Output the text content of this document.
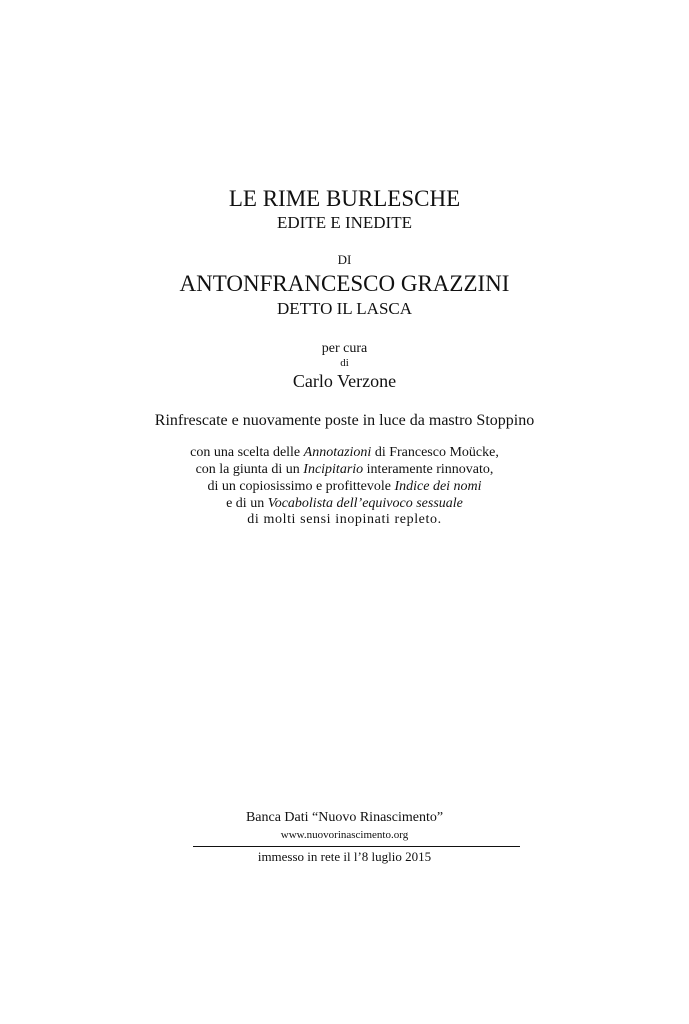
LE RIME BURLESCHE
EDITE E INEDITE
DI
ANTONFRANCESCO GRAZZINI
DETTO IL LASCA
per cura
di
Carlo Verzone
Rinfrescate e nuovamente poste in luce da mastro Stoppino
con una scelta delle Annotazioni di Francesco Moücke,
con la giunta di un Incipitario interamente rinnovato,
di un copiosissimo e profittevole Indice dei nomi
e di un Vocabolista dell’equivoco sessuale
di molti sensi inopinati repleto.
Banca Dati “Nuovo Rinascimento”
www.nuovorinascimento.org
immesso in rete il l’8 luglio 2015
